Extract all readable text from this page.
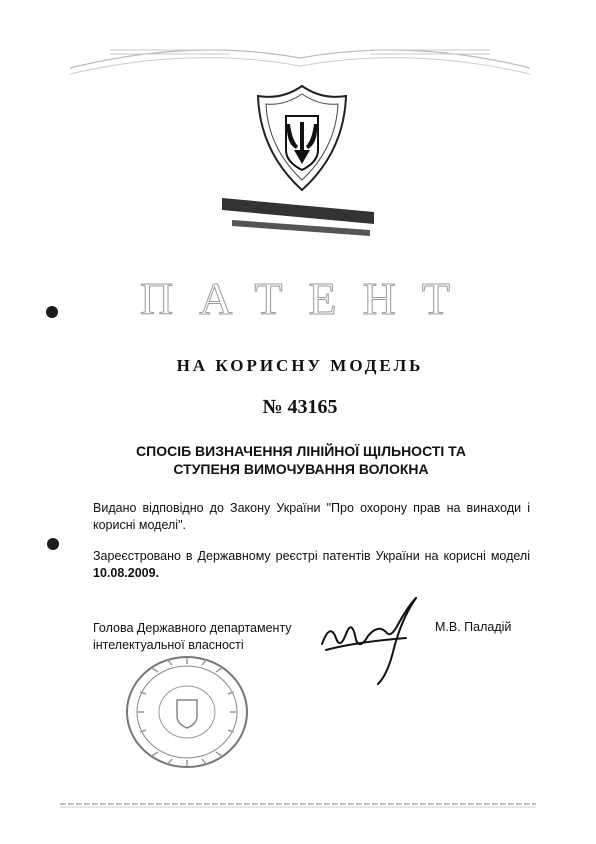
ПАТЕНТ
НА КОРИСНУ МОДЕЛЬ
№ 43165
СПОСІБ ВИЗНАЧЕННЯ ЛІНІЙНОЇ ЩІЛЬНОСТІ ТА
СТУПЕНЯ ВИМОЧУВАННЯ ВОЛОКНА
Видано відповідно до Закону України "Про охорону прав на винаходи і корисні моделі".
Зареєстровано в Державному реєстрі патентів України на корисні моделі 10.08.2009.
Голова Державного департаменту
інтелектуальної власності
М.В. Паладій
